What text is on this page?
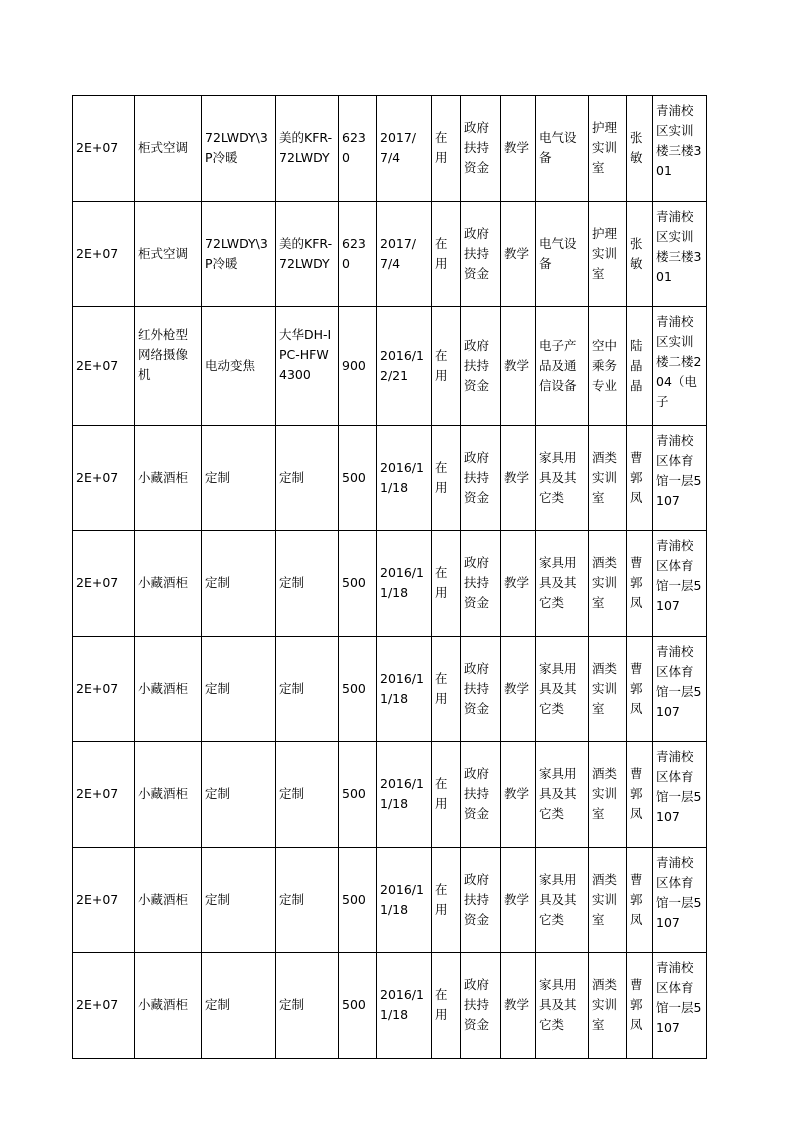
2E+07	柜式空调	72LWDY\3P冷暖	美的KFR-72LWDY	6230	2017/7/4	在用	政府扶持资金	教学	电气设备	护理实训室	张敏	青浦校区实训楼三楼301
2E+07	柜式空调	72LWDY\3P冷暖	美的KFR-72LWDY	6230	2017/7/4	在用	政府扶持资金	教学	电气设备	护理实训室	张敏	青浦校区实训楼三楼301
2E+07	红外枪型网络摄像机	电动变焦	大华DH-IPC-HFW4300	900	2016/12/21	在用	政府扶持资金	教学	电子产品及通信设备	空中乘务专业	陆晶晶	青浦校区实训楼二楼204（电子
2E+07	小藏酒柜	定制	定制	500	2016/11/18	在用	政府扶持资金	教学	家具用具及其它类	酒类实训室	曹郭凤	青浦校区体育馆一层5107
2E+07	小藏酒柜	定制	定制	500	2016/11/18	在用	政府扶持资金	教学	家具用具及其它类	酒类实训室	曹郭凤	青浦校区体育馆一层5107
2E+07	小藏酒柜	定制	定制	500	2016/11/18	在用	政府扶持资金	教学	家具用具及其它类	酒类实训室	曹郭凤	青浦校区体育馆一层5107
2E+07	小藏酒柜	定制	定制	500	2016/11/18	在用	政府扶持资金	教学	家具用具及其它类	酒类实训室	曹郭凤	青浦校区体育馆一层5107
2E+07	小藏酒柜	定制	定制	500	2016/11/18	在用	政府扶持资金	教学	家具用具及其它类	酒类实训室	曹郭凤	青浦校区体育馆一层5107
2E+07	小藏酒柜	定制	定制	500	2016/11/18	在用	政府扶持资金	教学	家具用具及其它类	酒类实训室	曹郭凤	青浦校区体育馆一层5107
